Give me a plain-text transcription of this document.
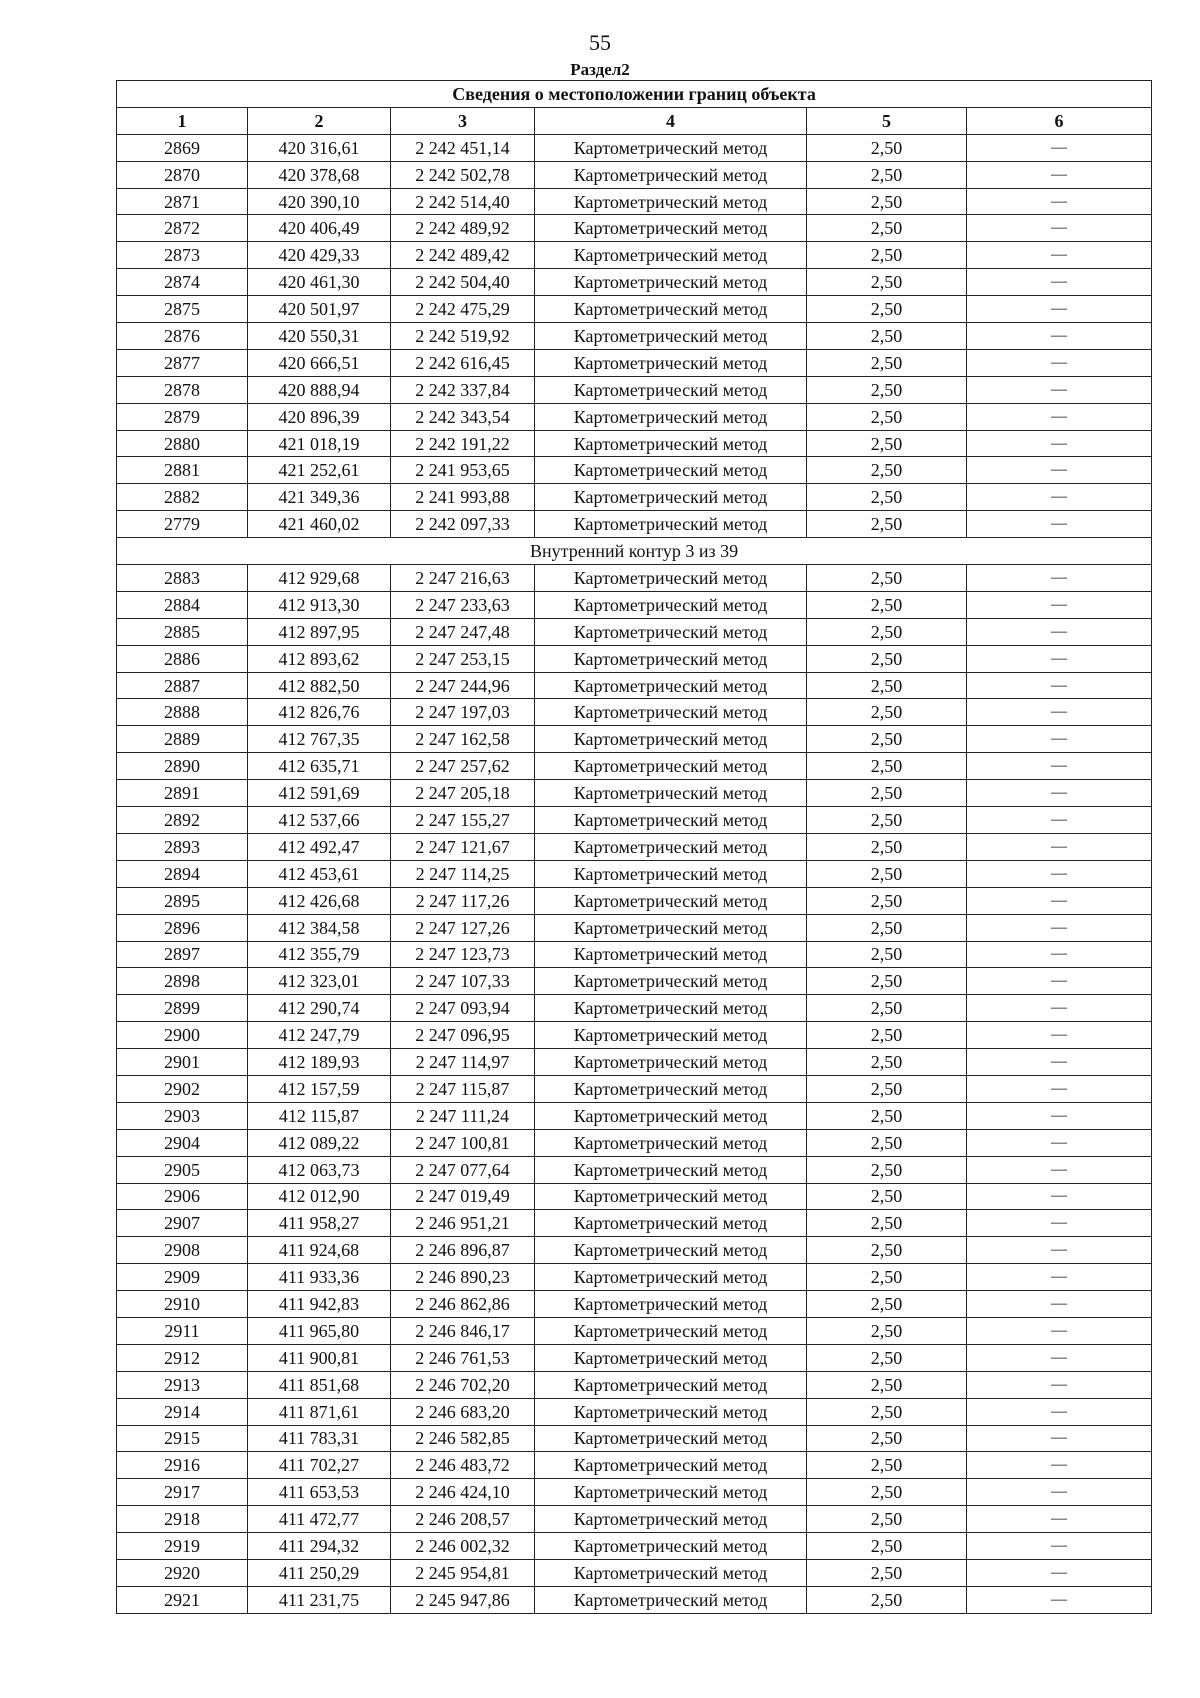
55
Раздел2
Сведения о местоположении границ объекта					
1	2	3	4	5	6
2869	420 316,61	2 242 451,14	Картометрический метод	2,50	—
2870	420 378,68	2 242 502,78	Картометрический метод	2,50	—
2871	420 390,10	2 242 514,40	Картометрический метод	2,50	—
2872	420 406,49	2 242 489,92	Картометрический метод	2,50	—
2873	420 429,33	2 242 489,42	Картометрический метод	2,50	—
2874	420 461,30	2 242 504,40	Картометрический метод	2,50	—
2875	420 501,97	2 242 475,29	Картометрический метод	2,50	—
2876	420 550,31	2 242 519,92	Картометрический метод	2,50	—
2877	420 666,51	2 242 616,45	Картометрический метод	2,50	—
2878	420 888,94	2 242 337,84	Картометрический метод	2,50	—
2879	420 896,39	2 242 343,54	Картометрический метод	2,50	—
2880	421 018,19	2 242 191,22	Картометрический метод	2,50	—
2881	421 252,61	2 241 953,65	Картометрический метод	2,50	—
2882	421 349,36	2 241 993,88	Картометрический метод	2,50	—
2779	421 460,02	2 242 097,33	Картометрический метод	2,50	—
Внутренний контур 3 из 39					
2883	412 929,68	2 247 216,63	Картометрический метод	2,50	—
2884	412 913,30	2 247 233,63	Картометрический метод	2,50	—
2885	412 897,95	2 247 247,48	Картометрический метод	2,50	—
2886	412 893,62	2 247 253,15	Картометрический метод	2,50	—
2887	412 882,50	2 247 244,96	Картометрический метод	2,50	—
2888	412 826,76	2 247 197,03	Картометрический метод	2,50	—
2889	412 767,35	2 247 162,58	Картометрический метод	2,50	—
2890	412 635,71	2 247 257,62	Картометрический метод	2,50	—
2891	412 591,69	2 247 205,18	Картометрический метод	2,50	—
2892	412 537,66	2 247 155,27	Картометрический метод	2,50	—
2893	412 492,47	2 247 121,67	Картометрический метод	2,50	—
2894	412 453,61	2 247 114,25	Картометрический метод	2,50	—
2895	412 426,68	2 247 117,26	Картометрический метод	2,50	—
2896	412 384,58	2 247 127,26	Картометрический метод	2,50	—
2897	412 355,79	2 247 123,73	Картометрический метод	2,50	—
2898	412 323,01	2 247 107,33	Картометрический метод	2,50	—
2899	412 290,74	2 247 093,94	Картометрический метод	2,50	—
2900	412 247,79	2 247 096,95	Картометрический метод	2,50	—
2901	412 189,93	2 247 114,97	Картометрический метод	2,50	—
2902	412 157,59	2 247 115,87	Картометрический метод	2,50	—
2903	412 115,87	2 247 111,24	Картометрический метод	2,50	—
2904	412 089,22	2 247 100,81	Картометрический метод	2,50	—
2905	412 063,73	2 247 077,64	Картометрический метод	2,50	—
2906	412 012,90	2 247 019,49	Картометрический метод	2,50	—
2907	411 958,27	2 246 951,21	Картометрический метод	2,50	—
2908	411 924,68	2 246 896,87	Картометрический метод	2,50	—
2909	411 933,36	2 246 890,23	Картометрический метод	2,50	—
2910	411 942,83	2 246 862,86	Картометрический метод	2,50	—
2911	411 965,80	2 246 846,17	Картометрический метод	2,50	—
2912	411 900,81	2 246 761,53	Картометрический метод	2,50	—
2913	411 851,68	2 246 702,20	Картометрический метод	2,50	—
2914	411 871,61	2 246 683,20	Картометрический метод	2,50	—
2915	411 783,31	2 246 582,85	Картометрический метод	2,50	—
2916	411 702,27	2 246 483,72	Картометрический метод	2,50	—
2917	411 653,53	2 246 424,10	Картометрический метод	2,50	—
2918	411 472,77	2 246 208,57	Картометрический метод	2,50	—
2919	411 294,32	2 246 002,32	Картометрический метод	2,50	—
2920	411 250,29	2 245 954,81	Картометрический метод	2,50	—
2921	411 231,75	2 245 947,86	Картометрический метод	2,50	—
